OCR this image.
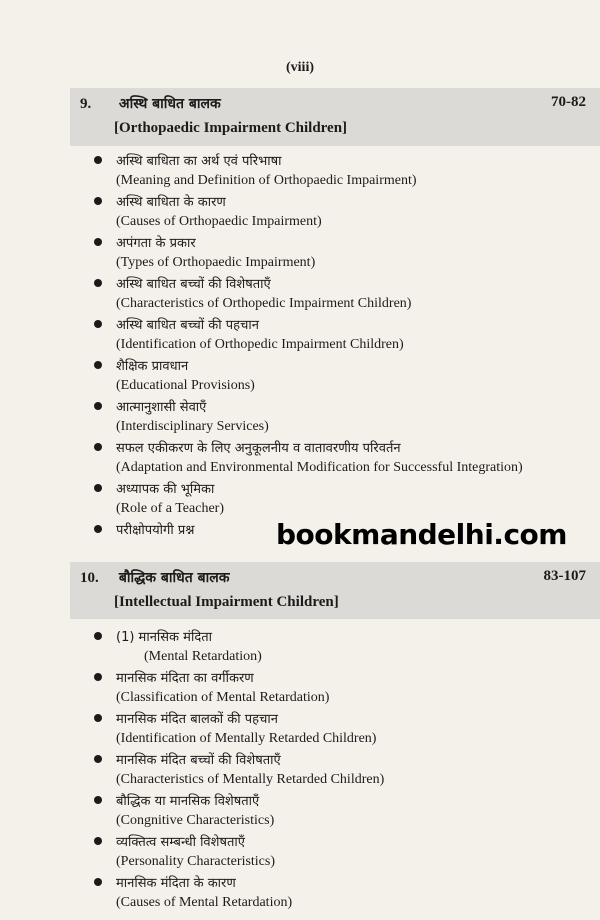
(viii)
9. अस्थि बाधित बालक	70-82
[Orthopaedic Impairment Children]
अस्थि बाधिता का अर्थ एवं परिभाषा
(Meaning and Definition of Orthopaedic Impairment)
अस्थि बाधिता के कारण
(Causes of Orthopaedic Impairment)
अपंगता के प्रकार
(Types of Orthopaedic Impairment)
अस्थि बाधित बच्चों की विशेषताएँ
(Characteristics of Orthopedic Impairment Children)
अस्थि बाधित बच्चों की पहचान
(Identification of Orthopedic Impairment Children)
शैक्षिक प्रावधान
(Educational Provisions)
आत्मानुशासी सेवाएँ
(Interdisciplinary Services)
सफल एकीकरण के लिए अनुकूलनीय व वातावरणीय परिवर्तन
(Adaptation and Environmental Modification for Successful Integration)
अध्यापक की भूमिका
(Role of a Teacher)
परीक्षोपयोगी प्रश्न	bookmandelhi.com
10. बौद्धिक बाधित बालक	83-107
[Intellectual Impairment Children]
(1) मानसिक मंदिता
(Mental Retardation)
मानसिक मंदिता का वर्गीकरण
(Classification of Mental Retardation)
मानसिक मंदित बालकों की पहचान
(Identification of Mentally Retarded Children)
मानसिक मंदित बच्चों की विशेषताएँ
(Characteristics of Mentally Retarded Children)
बौद्धिक या मानसिक विशेषताएँ
(Congnitive Characteristics)
व्यक्तित्व सम्बन्धी विशेषताएँ
(Personality Characteristics)
मानसिक मंदिता के कारण
(Causes of Mental Retardation)
